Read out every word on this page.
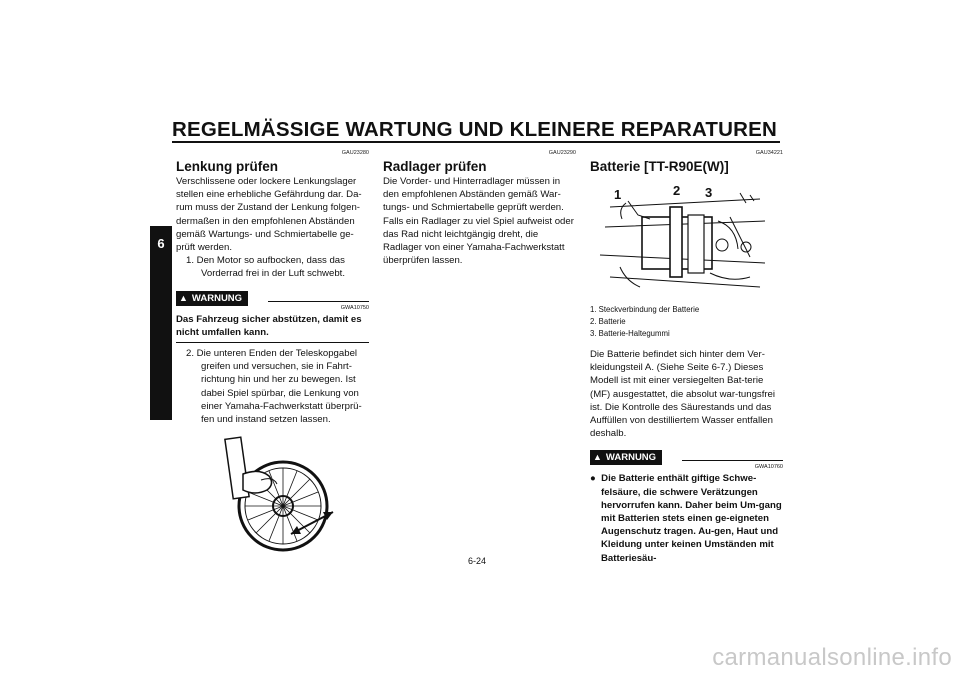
REGELMÄSSIGE WARTUNG UND KLEINERE REPARATUREN
6
GAU23280
Lenkung prüfen

Verschlissene oder lockere Lenkungslager stellen eine erhebliche Gefährdung dar. Da-rum muss der Zustand der Lenkung folgen-dermaßen in den empfohlenen Abständen gemäß Wartungs- und Schmiertabelle ge-prüft werden.

1. Den Motor so aufbocken, dass das Vorderrad frei in der Luft schwebt.

▲ WARNUNG
GWA10750
Das Fahrzeug sicher abstützen, damit es nicht umfallen kann.

2. Die unteren Enden der Teleskopgabel greifen und versuchen, sie in Fahrt-richtung hin und her zu bewegen. Ist dabei Spiel spürbar, die Lenkung von einer Yamaha-Fachwerkstatt überprü-fen und instand setzen lassen.

GAU23290
Radlager prüfen

Die Vorder- und Hinterradlager müssen in den empfohlenen Abständen gemäß War-tungs- und Schmiertabelle geprüft werden. Falls ein Radlager zu viel Spiel aufweist oder das Rad nicht leichtgängig dreht, die Radlager von einer Yamaha-Fachwerkstatt überprüfen lassen.

GAU34221
Batterie [TT-R90E(W)]
1	2 3
1. Steckverbindung der Batterie
2. Batterie
3. Batterie-Haltegummi

Die Batterie befindet sich hinter dem Ver-kleidungsteil A. (Siehe Seite 6-7.) Dieses Modell ist mit einer versiegelten Bat-terie (MF) ausgestattet, die absolut war-tungsfrei ist. Die Kontrolle des Säurestands und das Auffüllen von destilliertem Wasser entfallen deshalb.

▲ WARNUNG
GWA10760
●  Die Batterie enthält giftige Schwe-felsäure, die schwere Verätzungen hervorrufen kann. Daher beim Um-gang mit Batterien stets einen ge-eigneten Augenschutz tragen. Au-gen, Haut und Kleidung unter keinen Umständen mit Batteriesäu-
6-24
carmanualsonline.info
